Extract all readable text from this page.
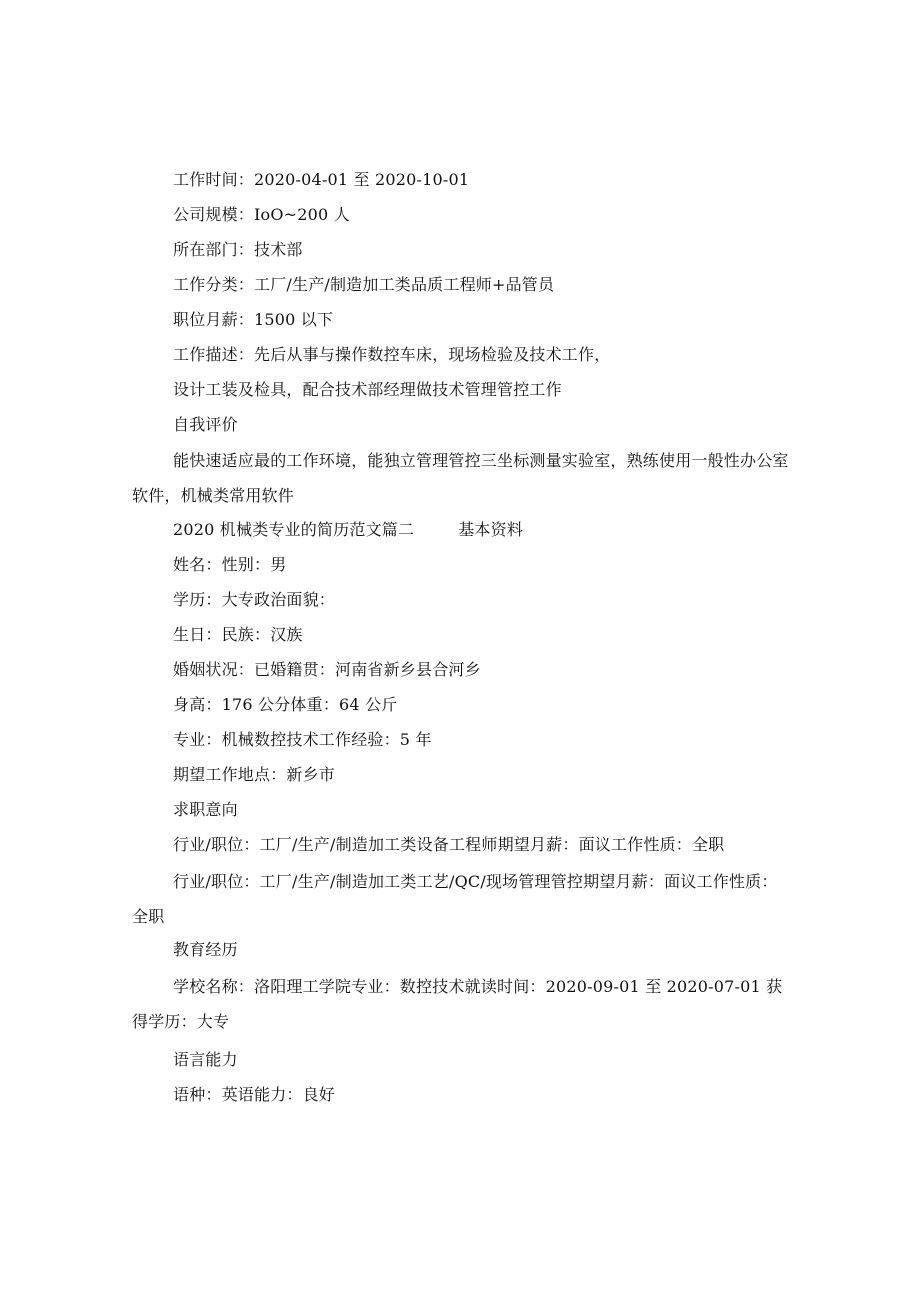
工作时间：2020-04-01 至 2020-10-01
公司规模：IoO~200 人
所在部门：技术部
工作分类：工厂/生产/制造加工类品质工程师+品管员
职位月薪：1500 以下
工作描述：先后从事与操作数控车床，现场检验及技术工作，
设计工装及检具，配合技术部经理做技术管理管控工作
自我评价
能快速适应最的工作环境，能独立管理管控三坐标测量实验室，熟练使用一般性办公室软件，机械类常用软件
2020 机械类专业的简历范文篇二	基本资料
姓名：性别：男
学历：大专政治面貌：
生日：民族：汉族
婚姻状况：已婚籍贯：河南省新乡县合河乡
身高：176 公分体重：64 公斤
专业：机械数控技术工作经验：5 年
期望工作地点：新乡市
求职意向
行业/职位：工厂/生产/制造加工类设备工程师期望月薪：面议工作性质：全职
行业/职位：工厂/生产/制造加工类工艺/QC/现场管理管控期望月薪：面议工作性质：全职
教育经历
学校名称：洛阳理工学院专业：数控技术就读时间：2020-09-01 至 2020-07-01 获得学历：大专
语言能力
语种：英语能力：良好
